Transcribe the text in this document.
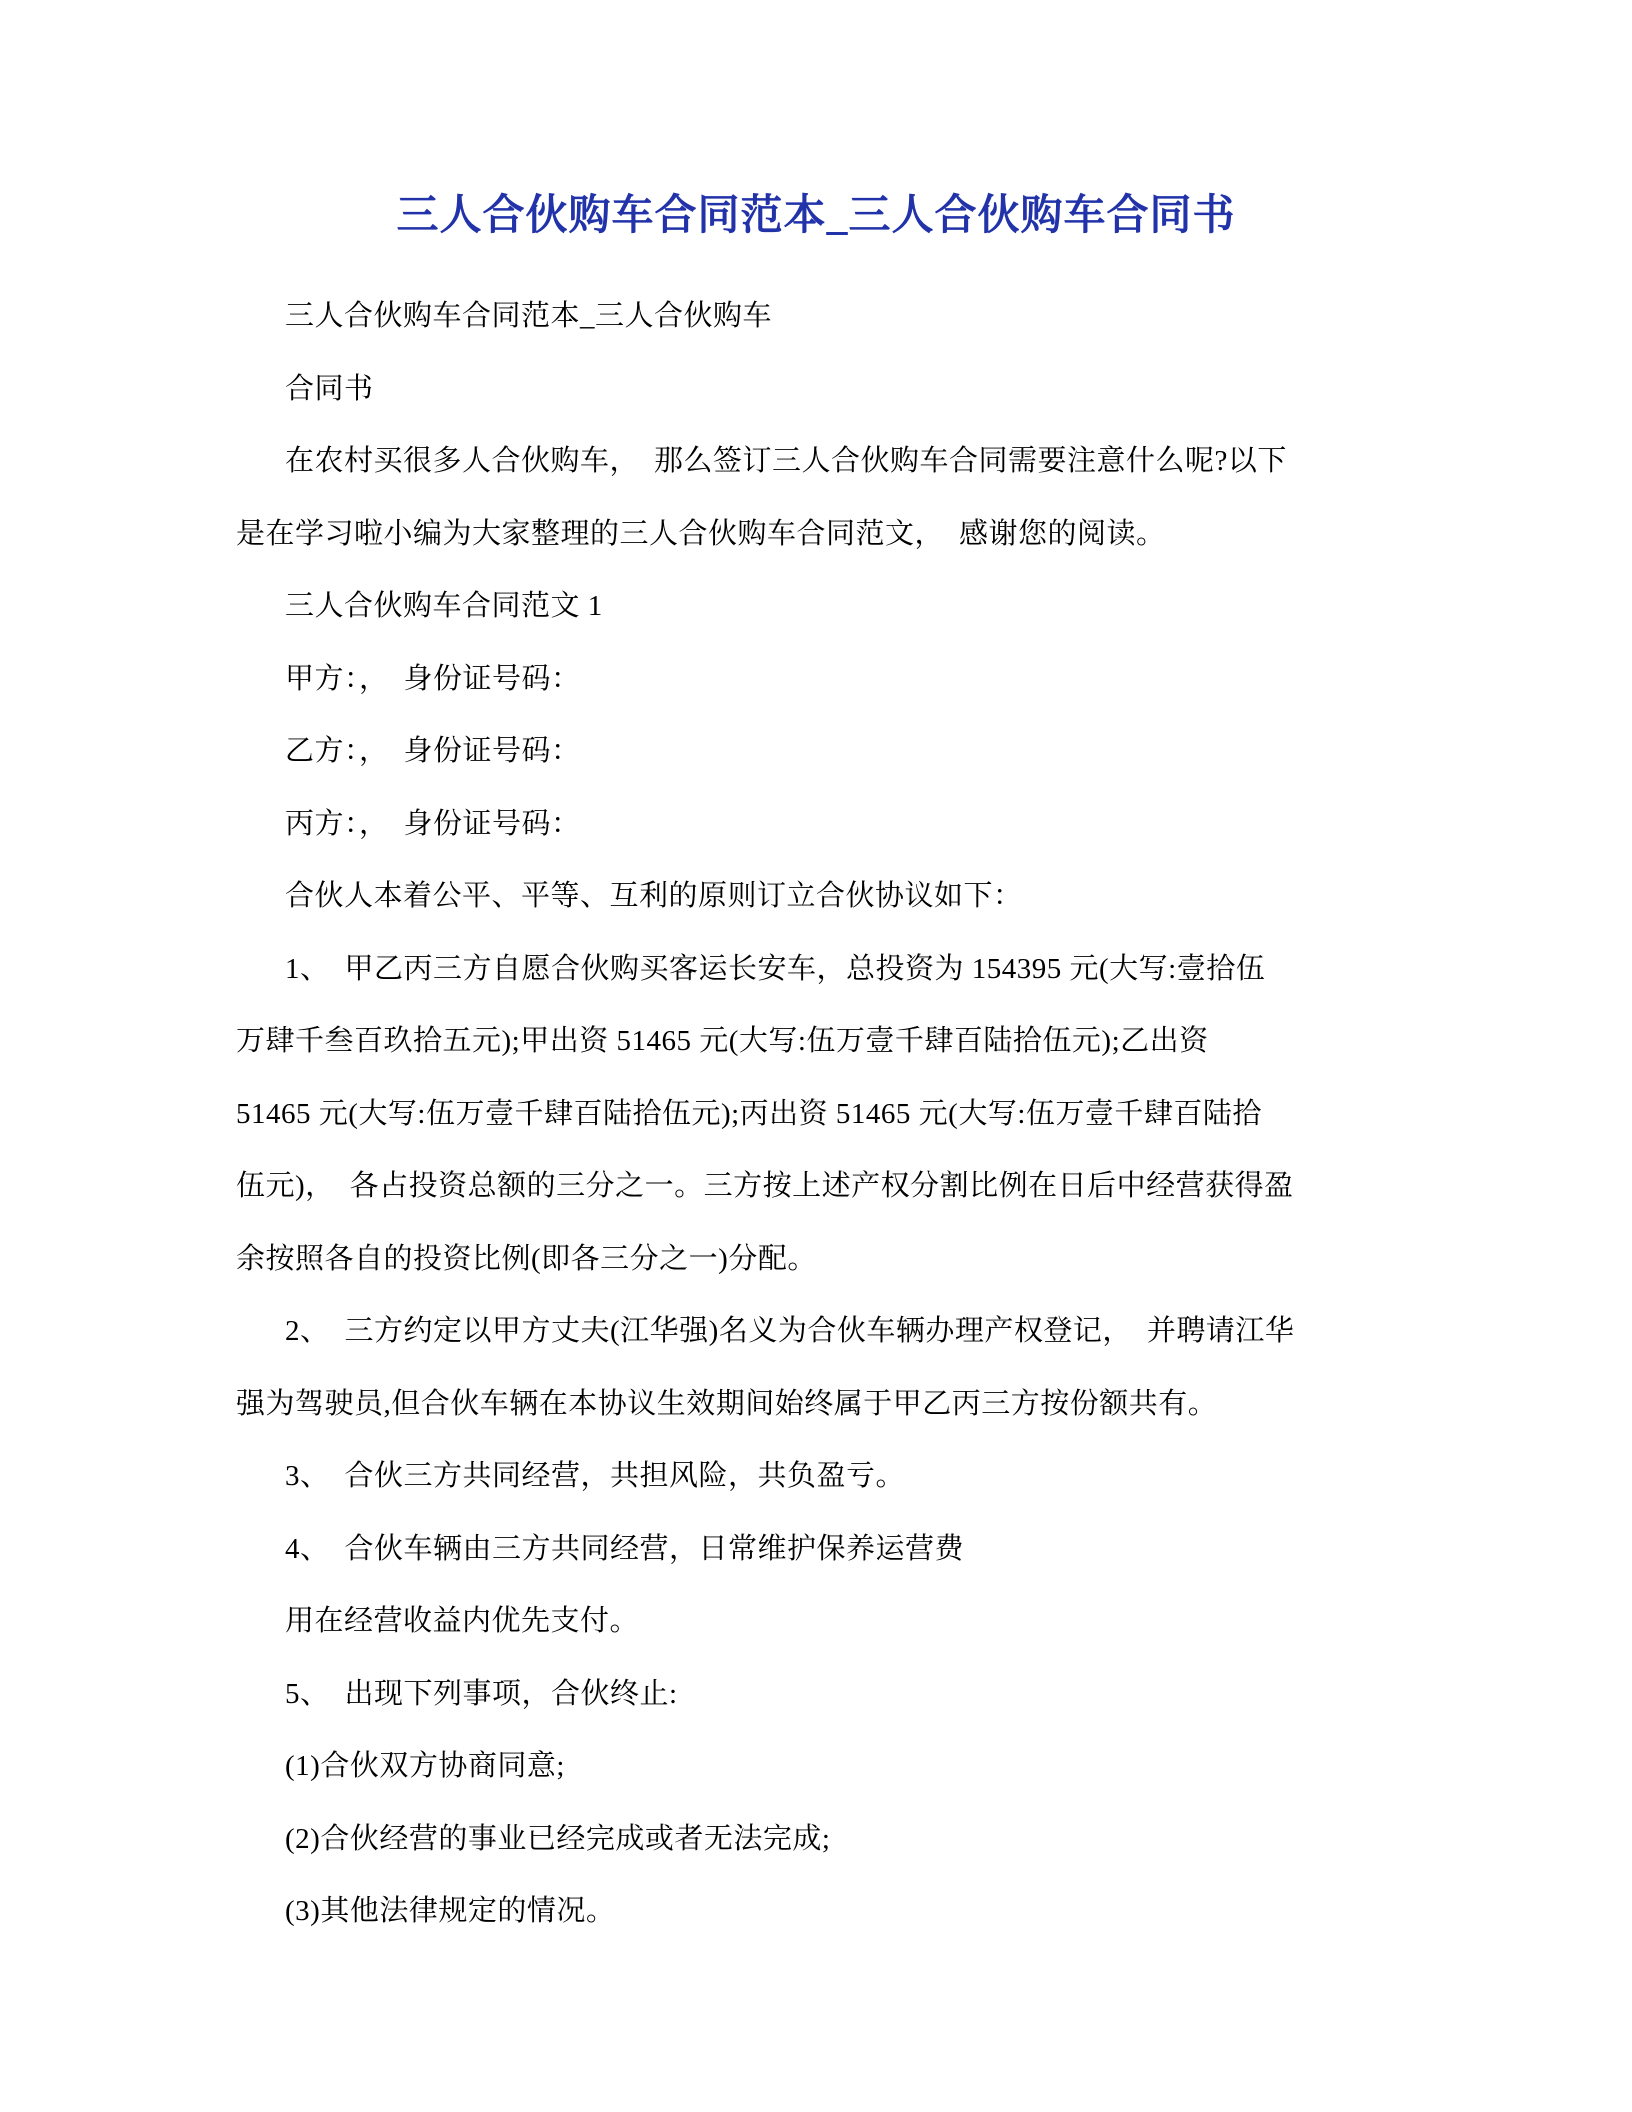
三人合伙购车合同范本_三人合伙购车合同书
三人合伙购车合同范本_三人合伙购车
合同书
在农村买很多人合伙购车，　那么签订三人合伙购车合同需要注意什么呢?以下
是在学习啦小编为大家整理的三人合伙购车合同范文，　感谢您的阅读。
三人合伙购车合同范文 1
甲方：，　身份证号码：
乙方：，　身份证号码：
丙方：，　身份证号码：
合伙人本着公平、平等、互利的原则订立合伙协议如下：
1、　甲乙丙三方自愿合伙购买客运长安车，总投资为 154395 元(大写:壹拾伍
万肆千叁百玖拾五元);甲出资 51465 元(大写:伍万壹千肆百陆拾伍元);乙出资
51465 元(大写:伍万壹千肆百陆拾伍元);丙出资 51465 元(大写:伍万壹千肆百陆拾
伍元)，　各占投资总额的三分之一。三方按上述产权分割比例在日后中经营获得盈
余按照各自的投资比例(即各三分之一)分配。
2、　三方约定以甲方丈夫(江华强)名义为合伙车辆办理产权登记，　并聘请江华
强为驾驶员,但合伙车辆在本协议生效期间始终属于甲乙丙三方按份额共有。
3、　合伙三方共同经营，共担风险，共负盈亏。
4、　合伙车辆由三方共同经营，日常维护保养运营费
用在经营收益内优先支付。
5、　出现下列事项，合伙终止:
(1)合伙双方协商同意;
(2)合伙经营的事业已经完成或者无法完成;
(3)其他法律规定的情况。
